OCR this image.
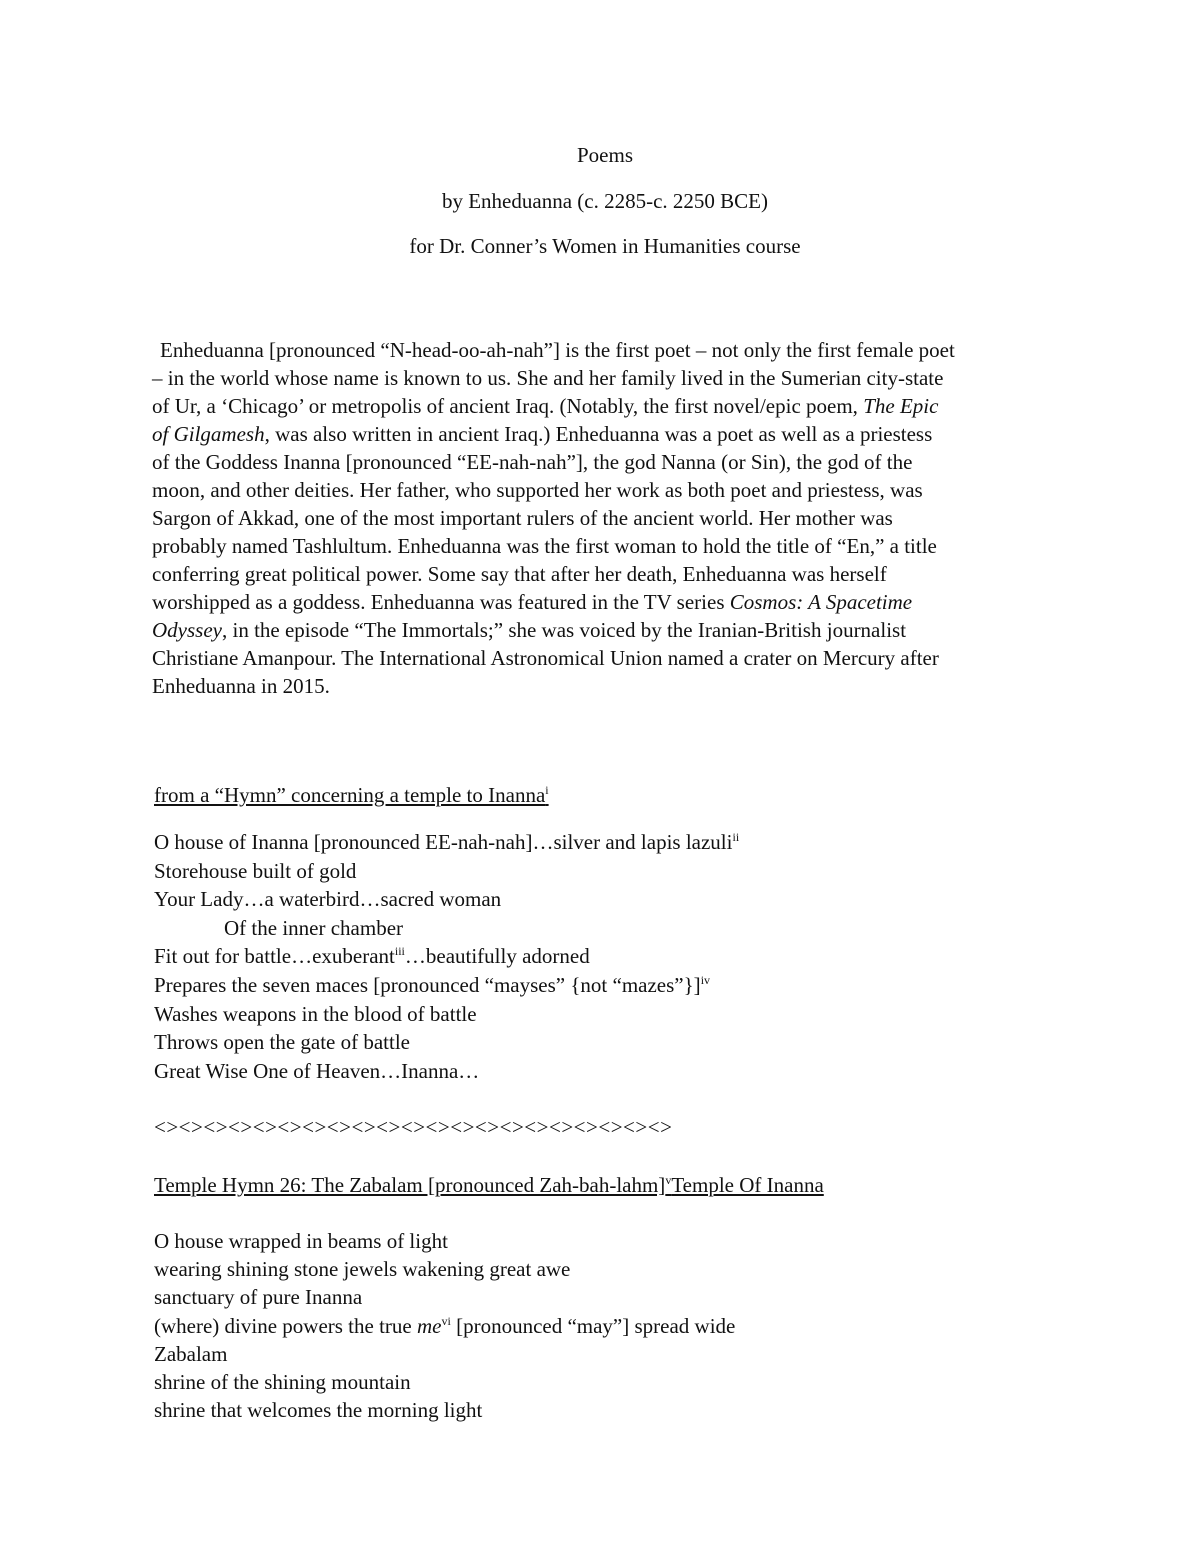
Poems
by Enheduanna (c. 2285-c. 2250 BCE)
for Dr. Conner’s Women in Humanities course
Enheduanna [pronounced “N-head-oo-ah-nah”] is the first poet – not only the first female poet
– in the world whose name is known to us. She and her family lived in the Sumerian city-state
of Ur, a ‘Chicago’ or metropolis of ancient Iraq. (Notably, the first novel/epic poem, The Epic
of Gilgamesh, was also written in ancient Iraq.) Enheduanna was a poet as well as a priestess
of the Goddess Inanna [pronounced “EE-nah-nah”], the god Nanna (or Sin), the god of the
moon, and other deities. Her father, who supported her work as both poet and priestess, was
Sargon of Akkad, one of the most important rulers of the ancient world. Her mother was
probably named Tashlultum. Enheduanna was the first woman to hold the title of “En,” a title
conferring great political power. Some say that after her death, Enheduanna was herself
worshipped as a goddess. Enheduanna was featured in the TV series Cosmos: A Spacetime
Odyssey, in the episode “The Immortals;” she was voiced by the Iranian-British journalist
Christiane Amanpour. The International Astronomical Union named a crater on Mercury after
Enheduanna in 2015.
from a “Hymn” concerning a temple to Inanna$^i$
O house of Inanna [pronounced EE-nah-nah]…silver and lapis lazuli$^{ii}$
Storehouse built of gold
Your Lady…a waterbird…sacred woman
Of the inner chamber
Fit out for battle…exuberant$^{iii}$…beautifully adorned
Prepares the seven maces [pronounced “mayses” {not “mazes”}]$^{iv}$
Washes weapons in the blood of battle
Throws open the gate of battle
Great Wise One of Heaven…Inanna…
<><><><><><><><><><><><><><><><><><><><><>
Temple Hymn 26: The Zabalam [pronounced Zah-bah-lahm]$^v$Temple Of Inanna
O house wrapped in beams of light
wearing shining stone jewels wakening great awe
sanctuary of pure Inanna
(where) divine powers the true $me^{vi}$ [pronounced “may”] spread wide
Zabalam
shrine of the shining mountain
shrine that welcomes the morning light
